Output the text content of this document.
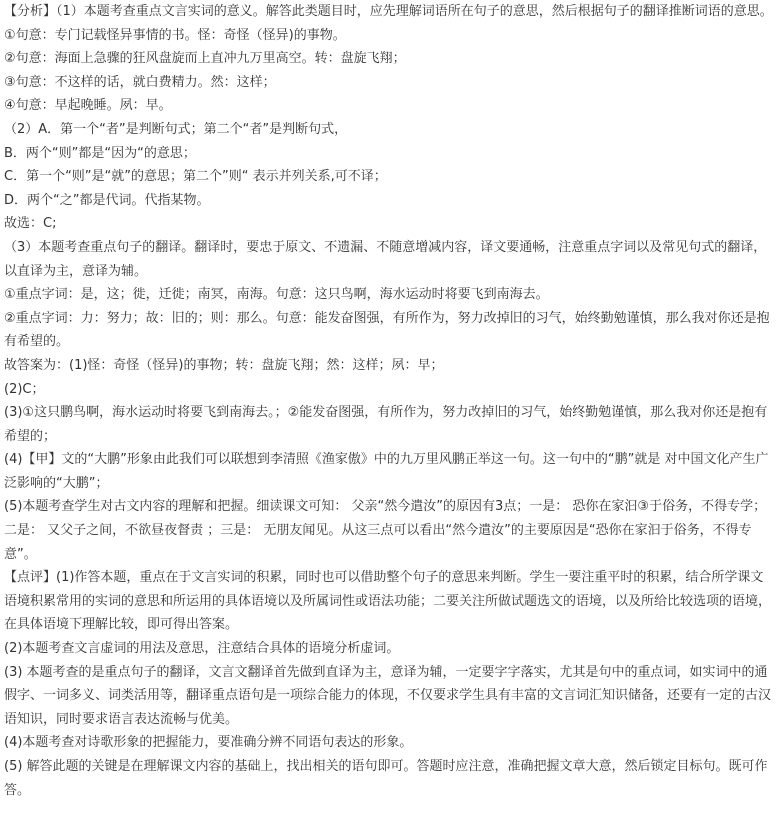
【分析】（1）本题考查重点文言实词的意义。解答此类题目时，应先理解词语所在句子的意思，然后根据句子的翻译推断词语的意思。
①句意：专门记载怪异事情的书。怪：奇怪（怪异)的事物。
②句意：海面上急骤的狂风盘旋而上直冲九万里高空。转：盘旋飞翔；
③句意：不这样的话，就白费精力。然：这样；
④句意：早起晚睡。夙：早。
（2）A．第一个“者”是判断句式；第二个“者”是判断句式，
B．两个“则”都是“因为“的意思；
C．第一个“则”是“就”的意思；第二个”则“ 表示并列关系,可不译；
D．两个“之”都是代词。代指某物。
故选：C;
（3）本题考查重点句子的翻译。翻译时，要忠于原文、不遗漏、不随意增减内容，译文要通畅，注意重点字词以及常见句式的翻译，以直译为主，意译为辅。
①重点字词：是，这；徙，迁徙；南冥，南海。句意：这只鸟啊，海水运动时将要飞到南海去。
②重点字词：力：努力；故：旧的；则：那么。句意：能发奋图强，有所作为，努力改掉旧的习气，始终勤勉谨慎，那么我对你还是抱有希望的。
故答案为：(1)怪：奇怪（怪异)的事物；转：盘旋飞翔；然：这样；夙：早；
(2)C；
(3)①这只鹏鸟啊，海水运动时将要飞到南海去。；②能发奋图强，有所作为，努力改掉旧的习气，始终勤勉谨慎，那么我对你还是抱有希望的；
(4)【甲】文的“大鹏”形象由此我们可以联想到李清照《渔家傲》中的九万里风鹏正举这一句。这一句中的“鹏”就是 对中国文化产生广泛影响的“大鹏”；
(5)本题考查学生对古文内容的理解和把握。细读课文可知： 父亲“然今遣汝”的原因有3点；一是： 恐你在家汩③于俗务，不得专学；二是： 又父子之间，不欲昼夜督责 ；三是： 无朋友闻见。从这三点可以看出“然今遣汝”的主要原因是“恐你在家汩于俗务，不得专意”。
【点评】(1)作答本题，重点在于文言实词的积累，同时也可以借助整个句子的意思来判断。学生一要注重平时的积累，结合所学课文语境积累常用的实词的意思和所运用的具体语境以及所属词性或语法功能；二要关注所做试题选文的语境，以及所给比较选项的语境，在具体语境下理解比较，即可得出答案。
(2)本题考查文言虚词的用法及意思，注意结合具体的语境分析虚词。
(3) 本题考查的是重点句子的翻译，文言文翻译首先做到直译为主，意译为辅，一定要字字落实，尤其是句中的重点词，如实词中的通假字、一词多义、词类活用等，翻译重点语句是一项综合能力的体现，不仅要求学生具有丰富的文言词汇知识储备，还要有一定的古汉语知识，同时要求语言表达流畅与优美。
(4)本题考查对诗歌形象的把握能力，要准确分辨不同语句表达的形象。
(5) 解答此题的关键是在理解课文内容的基础上，找出相关的语句即可。答题时应注意，准确把握文章大意，然后锁定目标句。既可作答。
